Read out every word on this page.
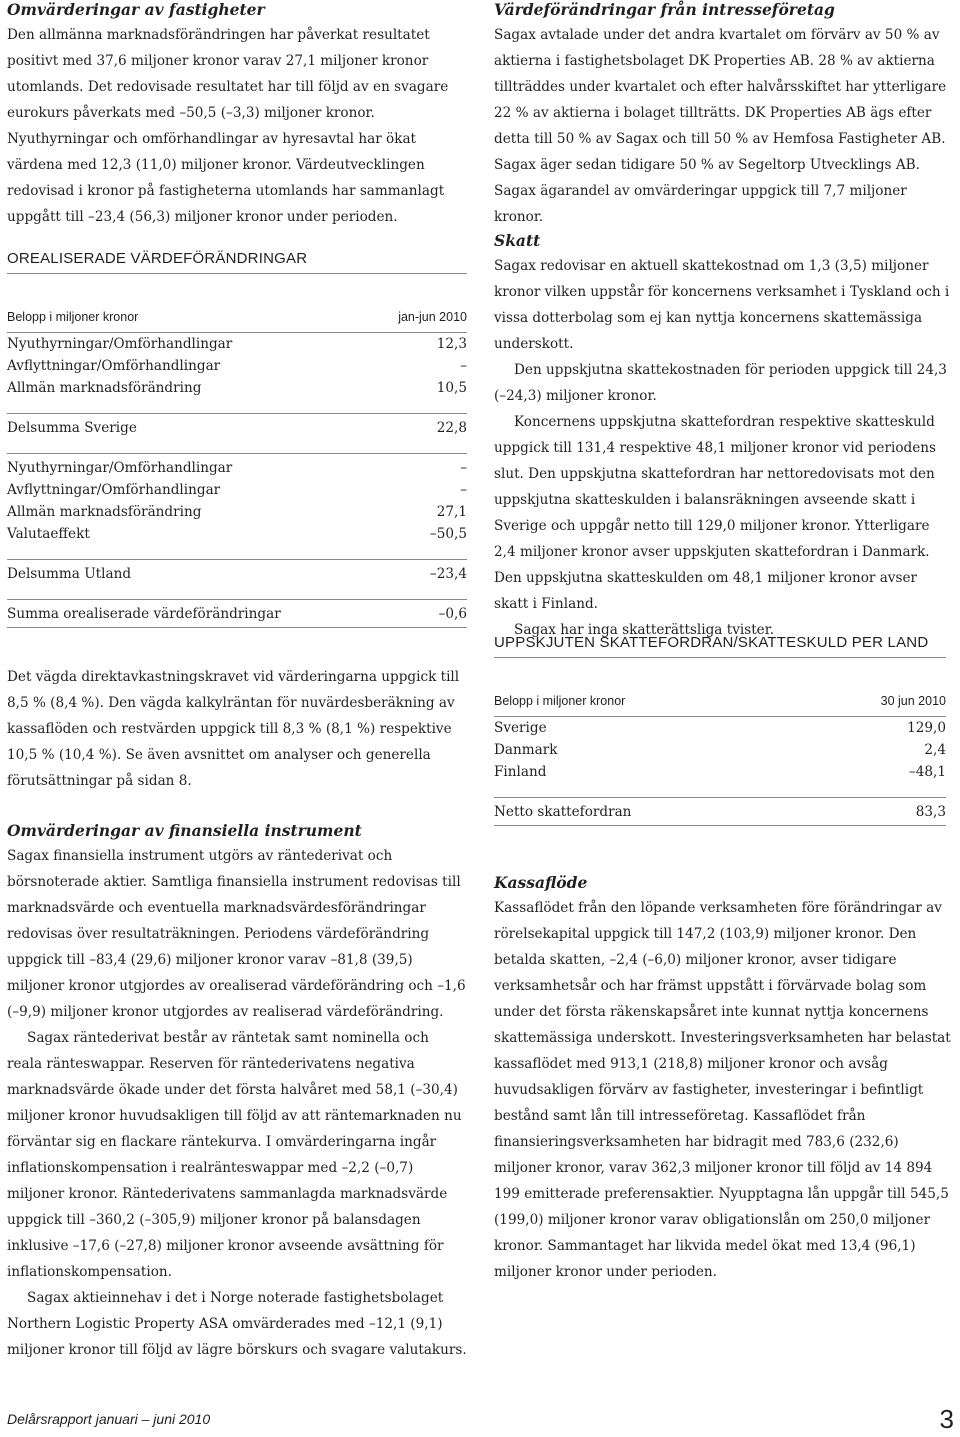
Omvärderingar av fastigheter

Den allmänna marknadsförändringen har påverkat resultatet positivt med 37,6 miljoner kronor varav 27,1 miljoner kronor utomlands. Det redovisade resultatet har till följd av en svagare eurokurs påverkats med –50,5 (–3,3) miljoner kronor. Nyuthyrningar och omförhandlingar av hyresavtal har ökat värdena med 12,3 (11,0) miljoner kronor. Värdeutvecklingen redovisad i kronor på fastigheterna utomlands har sammanlagt uppgått till –23,4 (56,3) miljoner kronor under perioden.

OREALISERADE VÄRDEFÖRÄNDRINGAR
Belopp i miljoner kronor	jan-jun 2010
Nyuthyrningar/Omförhandlingar	12,3
Avflyttningar/Omförhandlingar	–
Allmän marknadsförändring	10,5

Delsumma Sverige	22,8

Nyuthyrningar/Omförhandlingar	–
Avflyttningar/Omförhandlingar	–
Allmän marknadsförändring	27,1
Valutaeffekt	–50,5

Delsumma Utland	–23,4

Summa orealiserade värdeförändringar	–0,6

Det vägda direktavkastningskravet vid värderingarna uppgick till 8,5 % (8,4 %). Den vägda kalkylräntan för nuvärdesberäkning av kassaflöden och restvärden uppgick till 8,3 % (8,1 %) respektive 10,5 % (10,4 %). Se även avsnittet om analyser och generella förutsättningar på sidan 8.

Omvärderingar av finansiella instrument

Sagax finansiella instrument utgörs av räntederivat och börsnoterade aktier. Samtliga finansiella instrument redovisas till marknadsvärde och eventuella marknadsvärdesförändringar redovisas över resultaträkningen. Periodens värdeförändring uppgick till –83,4 (29,6) miljoner kronor varav –81,8 (39,5) miljoner kronor utgjordes av orealiserad värdeförändring och –1,6 (–9,9) miljoner kronor utgjordes av realiserad värdeförändring.

Sagax räntederivat består av räntetak samt nominella och reala ränteswappar. Reserven för räntederivatens negativa marknadsvärde ökade under det första halvåret med 58,1 (–30,4) miljoner kronor huvudsakligen till följd av att räntemarknaden nu förväntar sig en flackare räntekurva. I omvärderingarna ingår inflationskompensation i realränteswappar med –2,2 (–0,7) miljoner kronor. Räntederivatens sammanlagda marknadsvärde uppgick till –360,2 (–305,9) miljoner kronor på balansdagen inklusive –17,6 (–27,8) miljoner kronor avseende avsättning för inflationskompensation.

Sagax aktieinnehav i det i Norge noterade fastighetsbolaget Northern Logistic Property ASA omvärderades med –12,1 (9,1) miljoner kronor till följd av lägre börskurs och svagare valutakurs.

Värdeförändringar från intresseföretag

Sagax avtalade under det andra kvartalet om förvärv av 50 % av aktierna i fastighetsbolaget DK Properties AB. 28 % av aktierna tillträddes under kvartalet och efter halvårsskiftet har ytterligare 22 % av aktierna i bolaget tillträtts. DK Properties AB ägs efter detta till 50 % av Sagax och till 50 % av Hemfosa Fastigheter AB. Sagax äger sedan tidigare 50 % av Segeltorp Utvecklings AB. Sagax ägarandel av omvärderingar uppgick till 7,7 miljoner kronor.

Skatt

Sagax redovisar en aktuell skattekostnad om 1,3 (3,5) miljoner kronor vilken uppstår för koncernens verksamhet i Tyskland och i vissa dotterbolag som ej kan nyttja koncernens skattemässiga underskott.

Den uppskjutna skattekostnaden för perioden uppgick till 24,3 (–24,3) miljoner kronor.

Koncernens uppskjutna skattefordran respektive skatteskuld uppgick till 131,4 respektive 48,1 miljoner kronor vid periodens slut. Den uppskjutna skattefordran har nettoredovisats mot den uppskjutna skatteskulden i balansräkningen avseende skatt i Sverige och uppgår netto till 129,0 miljoner kronor. Ytterligare 2,4 miljoner kronor avser uppskjuten skattefordran i Danmark. Den uppskjutna skatteskulden om 48,1 miljoner kronor avser skatt i Finland.

Sagax har inga skatterättsliga tvister.

UPPSKJUTEN SKATTEFORDRAN/SKATTESKULD PER LAND
Belopp i miljoner kronor	30 jun 2010
Sverige	129,0
Danmark	2,4
Finland	–48,1

Netto skattefordran	83,3
Kassaflöde

Kassaflödet från den löpande verksamheten före förändringar av rörelsekapital uppgick till 147,2 (103,9) miljoner kronor. Den betalda skatten, –2,4 (–6,0) miljoner kronor, avser tidigare verksamhetsår och har främst uppstått i förvärvade bolag som under det första räkenskapsåret inte kunnat nyttja koncernens skattemässiga underskott. Investeringsverksamheten har belastat kassaflödet med 913,1 (218,8) miljoner kronor och avsåg huvudsakligen förvärv av fastigheter, investeringar i befintligt bestånd samt lån till intresseföretag. Kassaflödet från finansieringsverksamheten har bidragit med 783,6 (232,6) miljoner kronor, varav 362,3 miljoner kronor till följd av 14 894 199 emitterade preferensaktier. Nyupptagna lån uppgår till 545,5 (199,0) miljoner kronor varav obligationslån om 250,0 miljoner kronor. Sammantaget har likvida medel ökat med 13,4 (96,1) miljoner kronor under perioden.

Delårsrapport januari – juni 2010	3
